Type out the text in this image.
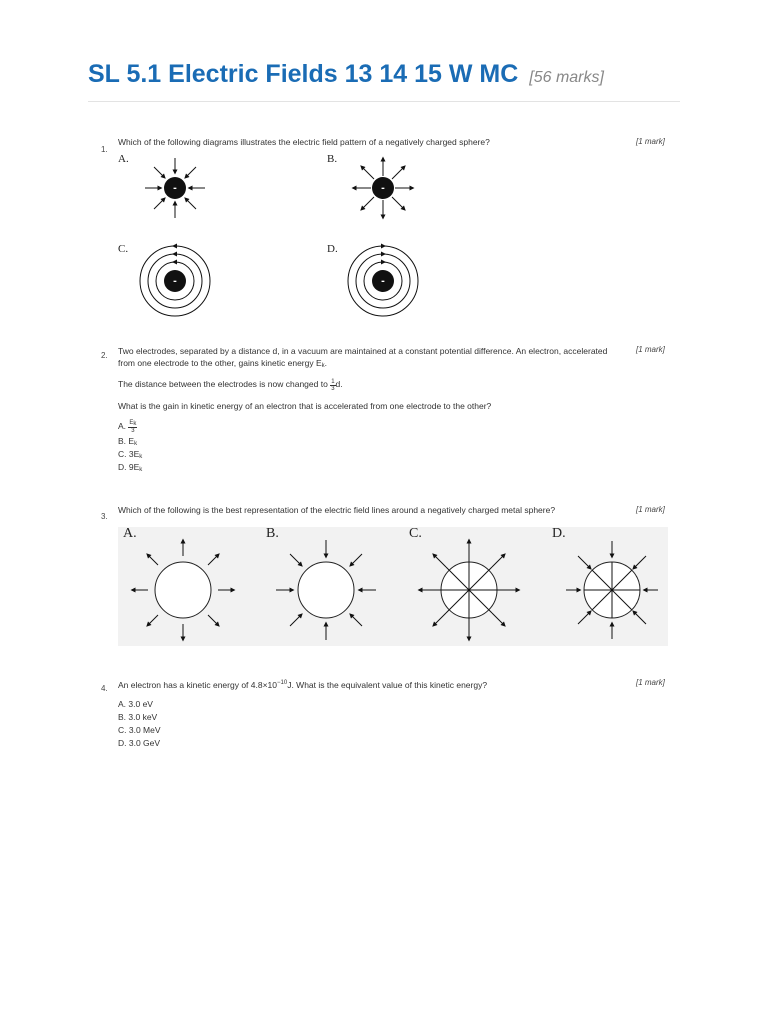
SL 5.1 Electric Fields 13 14 15 W MC [56 marks]
1.
Which of the following diagrams illustrates the electric field pattern of a negatively charged sphere?	[1 mark]
A.	B.
C.	D.
-	-
-	-
2. Two electrodes, separated by a distance d, in a vacuum are maintained at a constant potential difference. An electron, accelerated
from one electrode to the other, gains kinetic energy Ek.
[1 mark]
The distance between the electrodes is now changed to $\frac{1}{3} d$.
What is the gain in kinetic energy of an electron that is accelerated from one electrode to the other?
A. $\frac{Ek}{3}$
B. Ek
C. 3Ek
D. 9Ek
3.
Which of the following is the best representation of the electric field lines around a negatively charged metal sphere?	[1 mark]
A.	B.	C.	D.
4. An electron has a kinetic energy of $4.8\times 10^{-10}J$. What is the equivalent value of this kinetic energy?	[1 mark]
A. 3.0 eV
B. 3.0 keV
C. 3.0 MeV
D. 3.0 GeV
